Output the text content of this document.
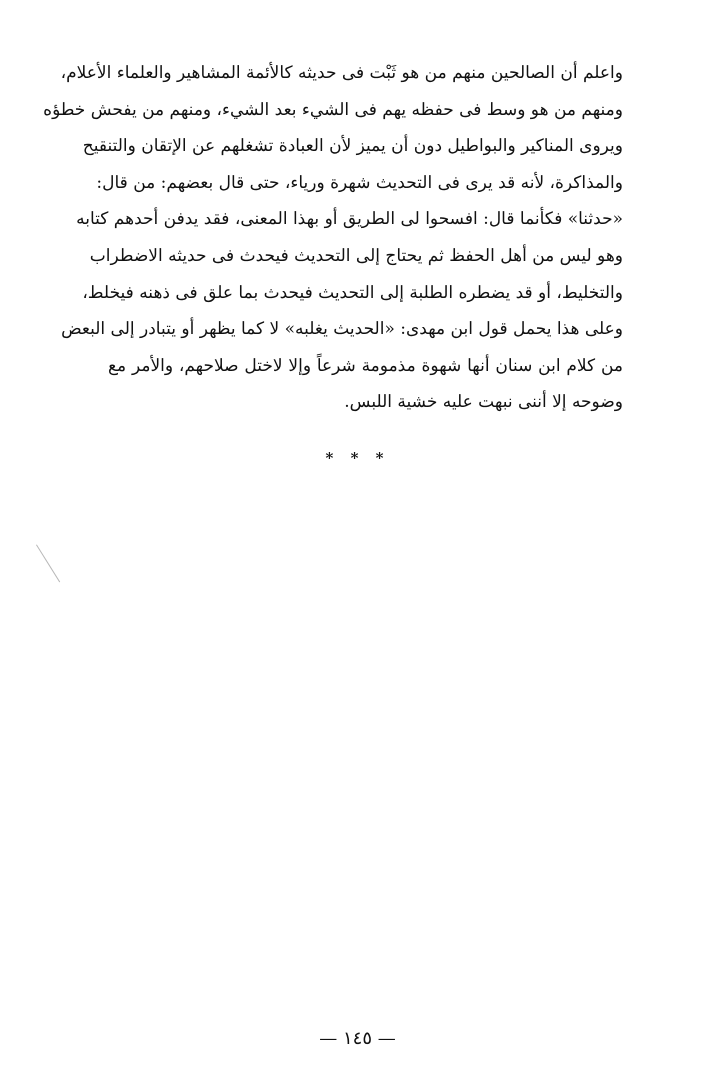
واعلم أن الصالحين منهم من هو ثَبْت فى حديثه كالأئمة المشاهير والعلماء الأعلام،
ومنهم من هو وسط فى حفظه يهم فى الشيء بعد الشيء، ومنهم من يفحش خطؤه
ويروى المناكير والبواطيل دون أن يميز لأن العبادة تشغلهم عن الإتقان والتنقيح
والمذاكرة، لأنه قد يرى فى التحديث شهرة ورياء، حتى قال بعضهم: من قال:
«حدثنا» فكأنما قال: افسحوا لى الطريق أو بهذا المعنى، فقد يدفن أحدهم كتابه
وهو ليس من أهل الحفظ ثم يحتاج إلى التحديث فيحدث فى حديثه الاضطراب
والتخليط، أو قد يضطره الطلبة إلى التحديث فيحدث بما علق فى ذهنه فيخلط،
وعلى هذا يحمل قول ابن مهدى: «الحديث يغلبه» لا كما يظهر أو يتبادر إلى البعض
من كلام ابن سنان أنها شهوة مذمومة شرعاً وإلا لاختل صلاحهم، والأمر مع
وضوحه إلا أننى نبهت عليه خشية اللبس.
* * *
— ١٤٥ —
